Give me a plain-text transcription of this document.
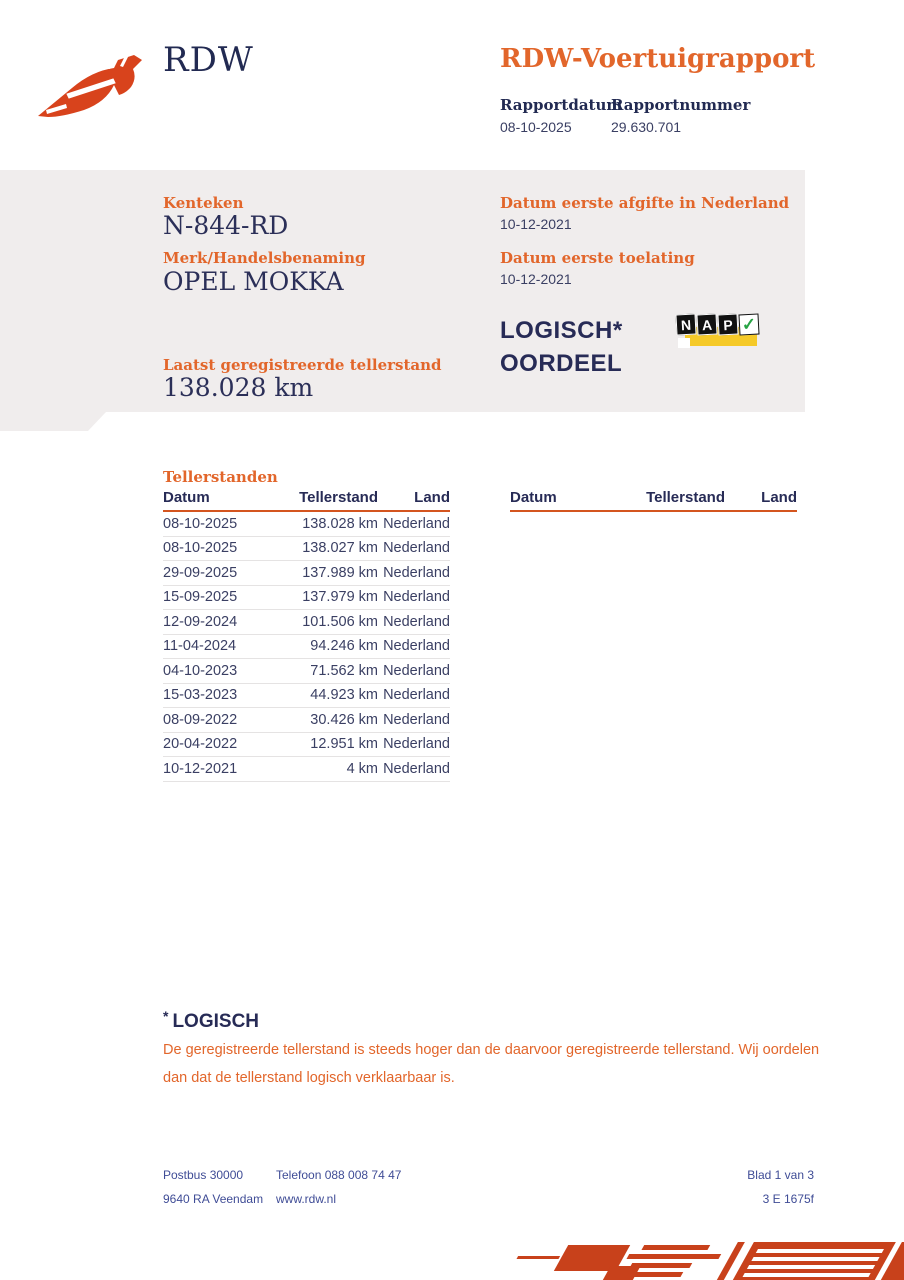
RDW	RDW-Voertuigrapport
Rapportdatum
Rapportnummer
08-10-2025	29.630.701
Kenteken
N-844-RD
Merk/Handelsbenaming
OPEL MOKKA
Laatst geregistreerde tellerstand
138.028 km
Datum eerste afgifte in Nederland
10-12-2021
Datum eerste toelating
10-12-2021
LOGISCH*
OORDEEL
N A P ✓
Tellerstanden
Datum	Tellerstand	Land
08-10-2025	138.028 km Nederland
08-10-2025	138.027 km Nederland
29-09-2025	137.989 km Nederland
15-09-2025	137.979 km Nederland
12-09-2024	101.506 km Nederland
11-04-2024	94.246 km Nederland
04-10-2023	71.562 km Nederland
15-03-2023	44.923 km Nederland
08-09-2022	30.426 km Nederland
20-04-2022	12.951 km Nederland
10-12-2021	4 km Nederland
Datum	Tellerstand	Land
* LOGISCH
De geregistreerde tellerstand is steeds hoger dan de daarvoor geregistreerde tellerstand. Wij oordelen dan dat de tellerstand logisch verklaarbaar is.
Postbus 30000
9640 RA Veendam
Telefoon 088 008 74 47
www.rdw.nl
Blad 1 van 3
3 E 1675f
